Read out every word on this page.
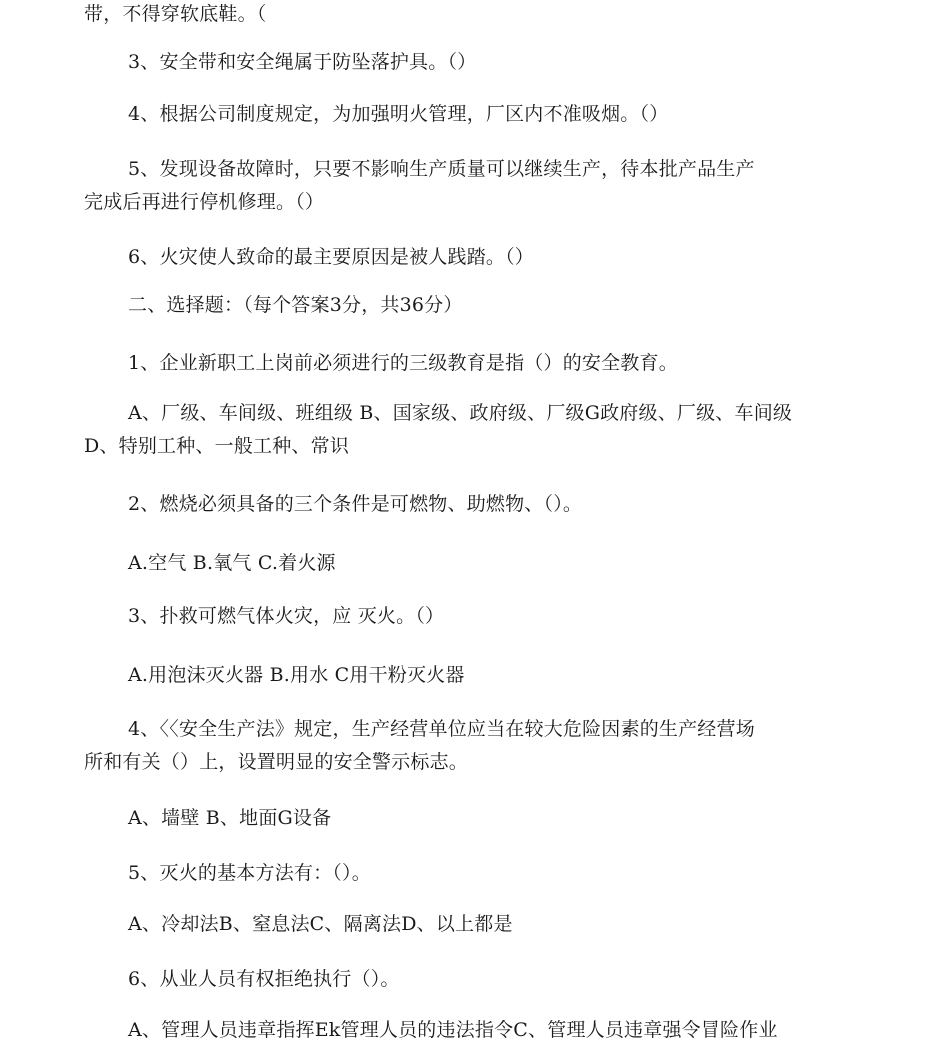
带，不得穿软底鞋。（
3、安全带和安全绳属于防坠落护具。（）
4、根据公司制度规定，为加强明火管理，厂区内不准吸烟。（）
5、发现设备故障时，只要不影响生产质量可以继续生产，待本批产品生产
完成后再进行停机修理。（）
6、火灾使人致命的最主要原因是被人践踏。（）
二、选择题：（每个答案3分，共36分）
1、企业新职工上岗前必须进行的三级教育是指（）的安全教育。
A、厂级、车间级、班组级 B、国家级、政府级、厂级G政府级、厂级、车间级
D、特别工种、一般工种、常识
2、燃烧必须具备的三个条件是可燃物、助燃物、（）。
A.空气 B.氧气 C.着火源
3、扑救可燃气体火灾，应 灭火。（）
A.用泡沫灭火器 B.用水 C用干粉灭火器
4、〈〈安全生产法》规定，生产经营单位应当在较大危险因素的生产经营场
所和有关（）上，设置明显的安全警示标志。
A、墙壁 B、地面G设备
5、灭火的基本方法有：（）。
A、冷却法B、窒息法C、隔离法D、以上都是
6、从业人员有权拒绝执行（）。
A、管理人员违章指挥Ek管理人员的违法指令C、管理人员违章强令冒险作业
